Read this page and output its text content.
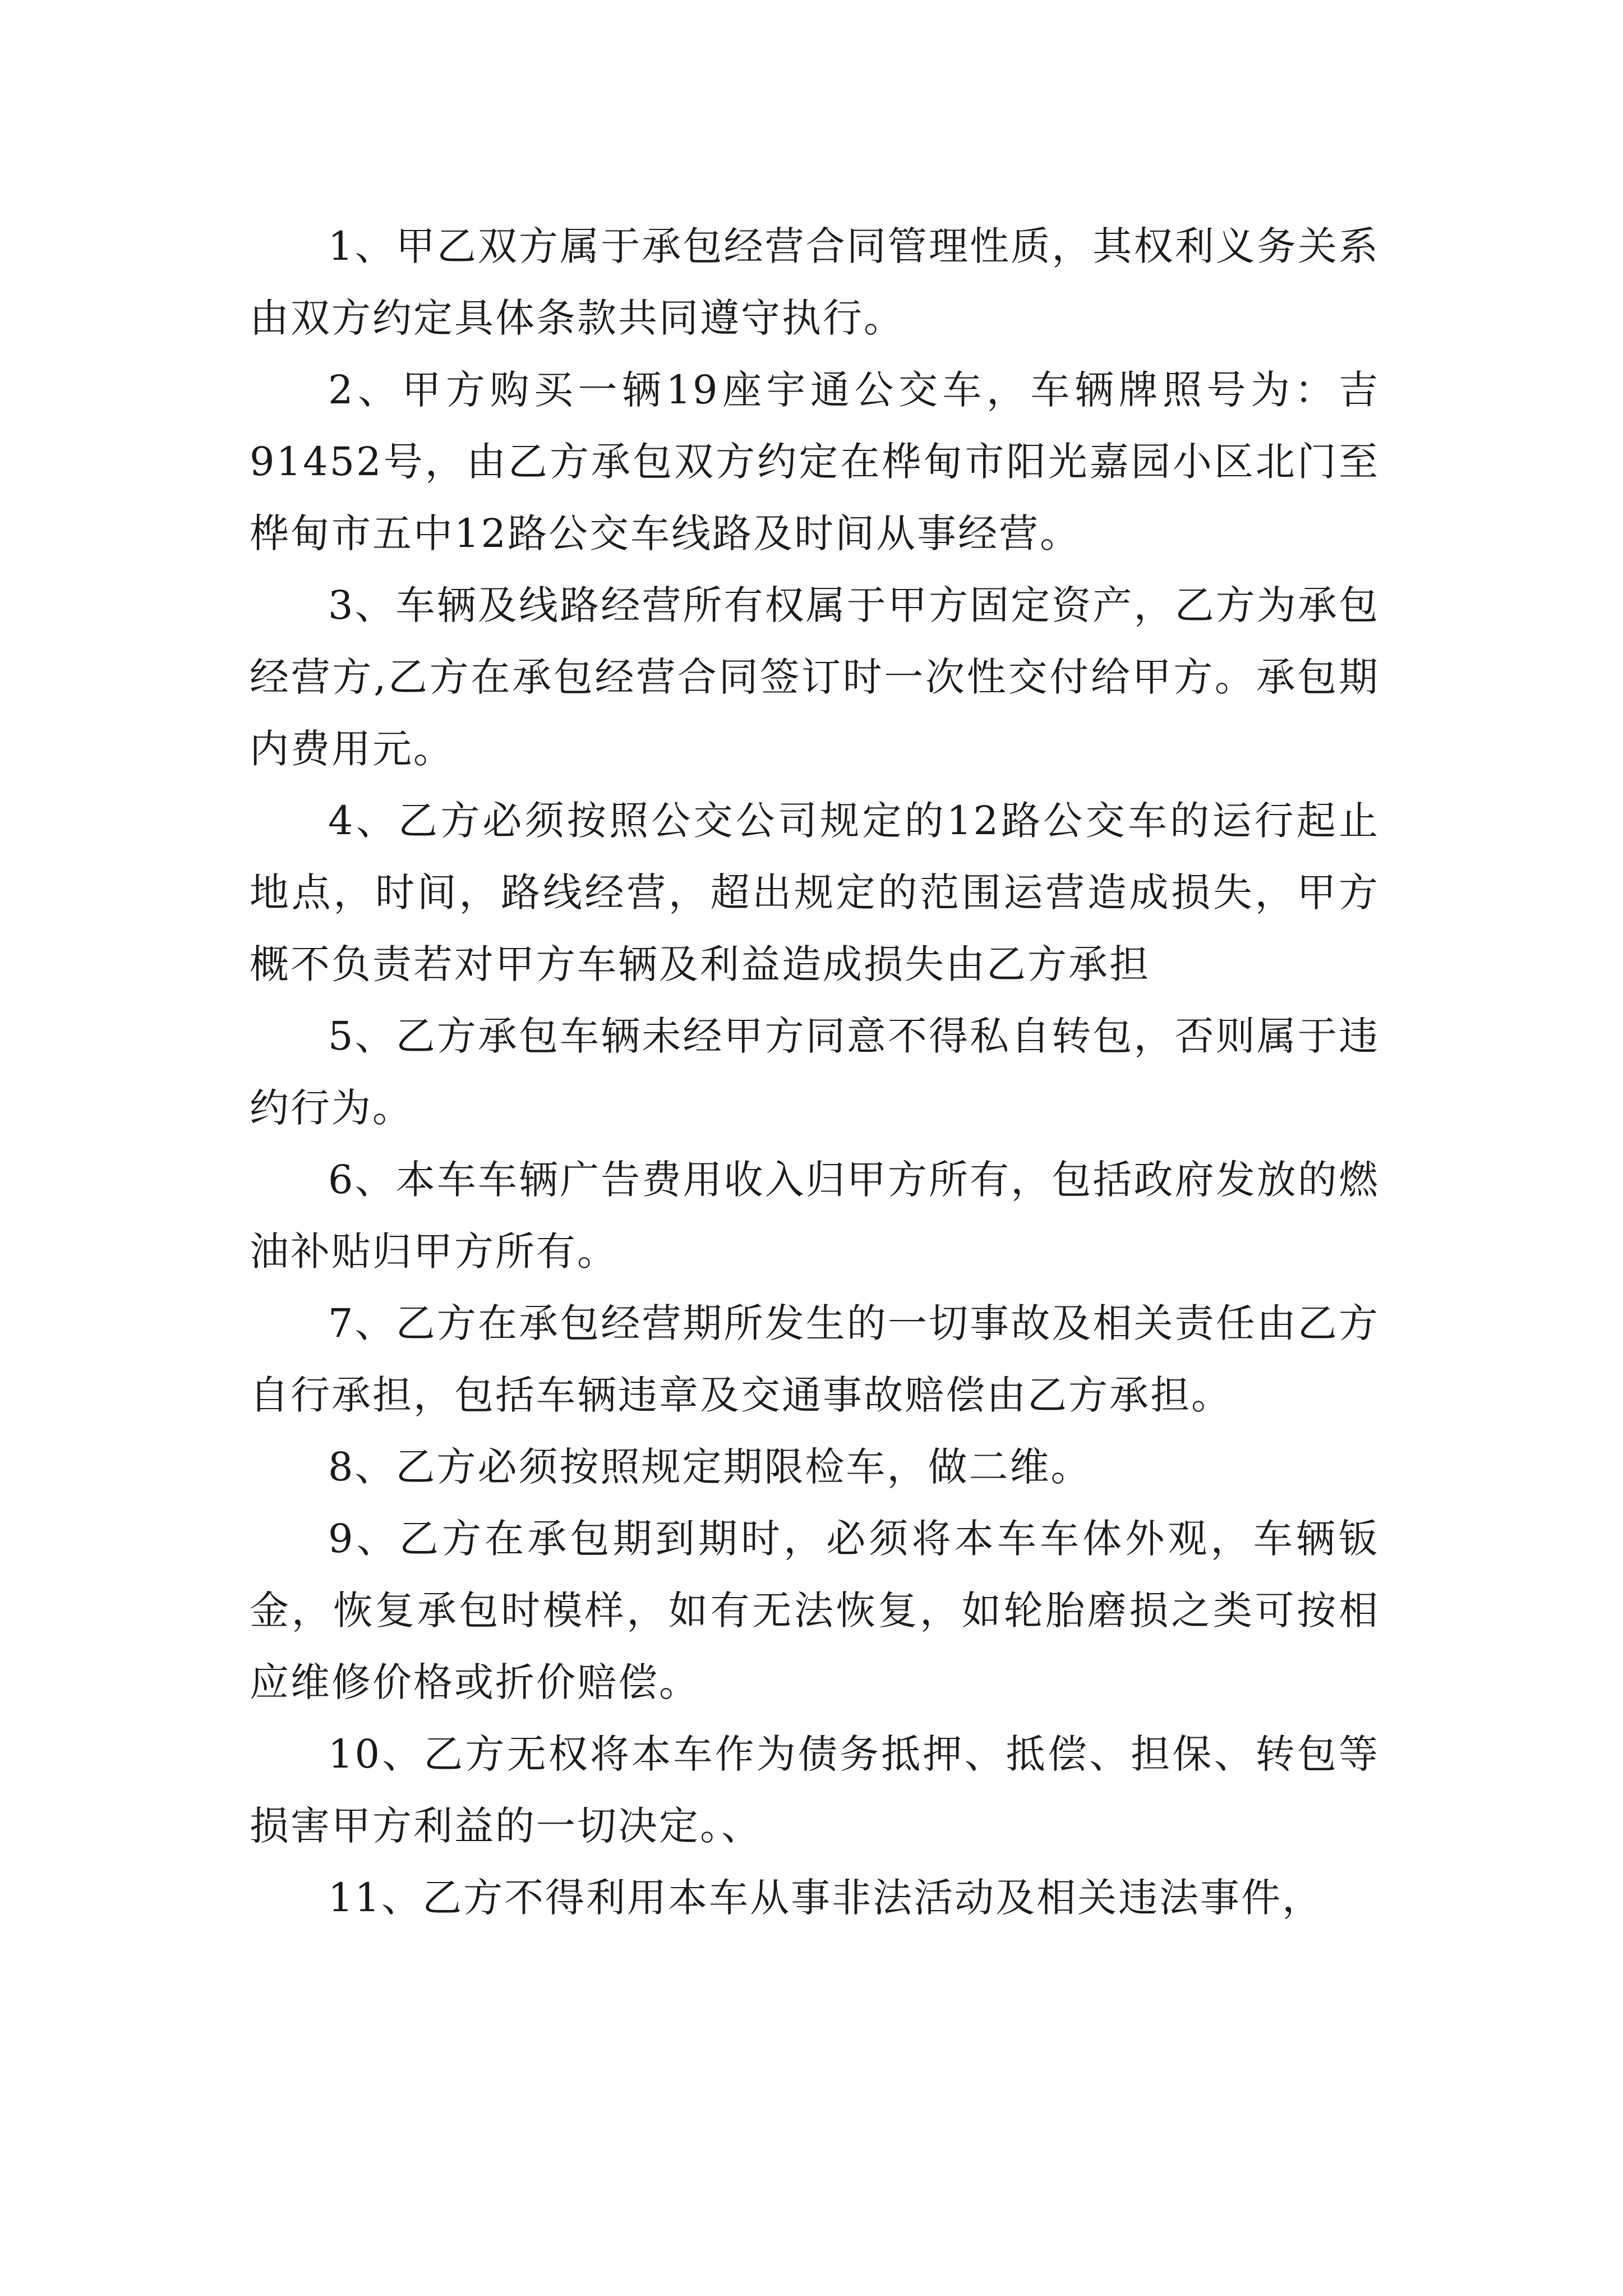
1、甲乙双方属于承包经营合同管理性质，其权利义务关系由双方约定具体条款共同遵守执行。

2、甲方购买一辆19座宇通公交车，车辆牌照号为：吉91452号，由乙方承包双方约定在桦甸市阳光嘉园小区北门至桦甸市五中12路公交车线路及时间从事经营。

3、车辆及线路经营所有权属于甲方固定资产，乙方为承包经营方,乙方在承包经营合同签订时一次性交付给甲方。承包期内费用元。

4、乙方必须按照公交公司规定的12路公交车的运行起止地点，时间，路线经营，超出规定的范围运营造成损失，甲方概不负责若对甲方车辆及利益造成损失由乙方承担

5、乙方承包车辆未经甲方同意不得私自转包，否则属于违约行为。

6、本车车辆广告费用收入归甲方所有，包括政府发放的燃油补贴归甲方所有。

7、乙方在承包经营期所发生的一切事故及相关责任由乙方自行承担，包括车辆违章及交通事故赔偿由乙方承担。

8、乙方必须按照规定期限检车，做二维。

9、乙方在承包期到期时，必须将本车车体外观，车辆钣金，恢复承包时模样，如有无法恢复，如轮胎磨损之类可按相应维修价格或折价赔偿。

10、乙方无权将本车作为债务抵押、抵偿、担保、转包等损害甲方利益的一切决定。、

11、乙方不得利用本车从事非法活动及相关违法事件，
